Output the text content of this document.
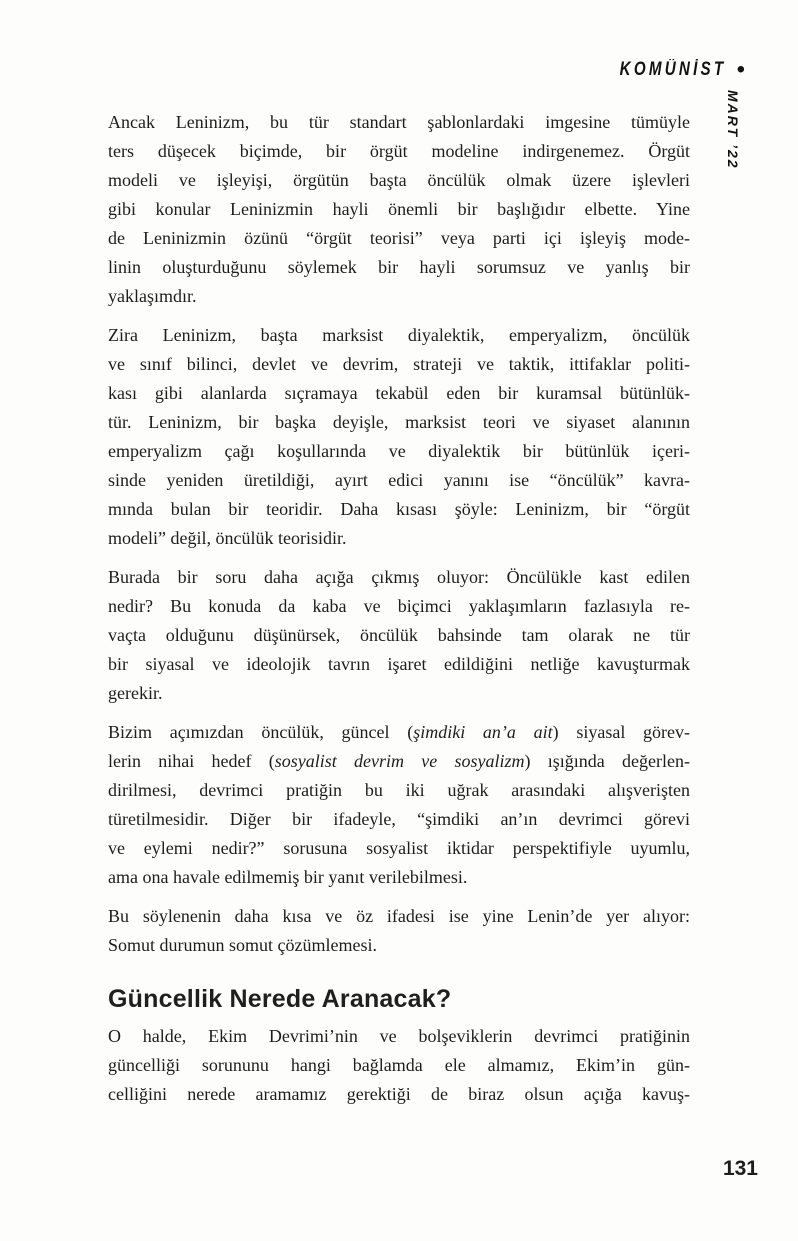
KOMÜNİST •
MART ’22
Ancak Leninizm, bu tür standart şablonlardaki imgesine tümüyle
ters düşecek biçimde, bir örgüt modeline indirgenemez. Örgüt
modeli ve işleyişi, örgütün başta öncülük olmak üzere işlevleri
gibi konular Leninizmin hayli önemli bir başlığıdır elbette. Yine
de Leninizmin özünü “örgüt teorisi” veya parti içi işleyiş mode-
linin oluşturduğunu söylemek bir hayli sorumsuz ve yanlış bir
yaklaşımdır.
Zira Leninizm, başta marksist diyalektik, emperyalizm, öncülük
ve sınıf bilinci, devlet ve devrim, strateji ve taktik, ittifaklar politi-
kası gibi alanlarda sıçramaya tekabül eden bir kuramsal bütünlük-
tür. Leninizm, bir başka deyişle, marksist teori ve siyaset alanının
emperyalizm çağı koşullarında ve diyalektik bir bütünlük içeri-
sinde yeniden üretildiği, ayırt edici yanını ise “öncülük” kavra-
mında bulan bir teoridir. Daha kısası şöyle: Leninizm, bir “örgüt
modeli” değil, öncülük teorisidir.
Burada bir soru daha açığa çıkmış oluyor: Öncülükle kast edilen
nedir? Bu konuda da kaba ve biçimci yaklaşımların fazlasıyla re-
vaçta olduğunu düşünürsek, öncülük bahsinde tam olarak ne tür
bir siyasal ve ideolojik tavrın işaret edildiğini netliğe kavuşturmak
gerekir.
Bizim açımızdan öncülük, güncel (şimdiki an’a ait) siyasal görev-
lerin nihai hedef (sosyalist devrim ve sosyalizm) ışığında değerlen-
dirilmesi, devrimci pratiğin bu iki uğrak arasındaki alışverişten
türetilmesidir. Diğer bir ifadeyle, “şimdiki an’ın devrimci görevi
ve eylemi nedir?” sorusuna sosyalist iktidar perspektifiyle uyumlu,
ama ona havale edilmemiş bir yanıt verilebilmesi.
Bu söylenenin daha kısa ve öz ifadesi ise yine Lenin’de yer alıyor:
Somut durumun somut çözümlemesi.
Güncellik Nerede Aranacak?
O halde, Ekim Devrimi’nin ve bolşeviklerin devrimci pratiğinin
güncelliği sorununu hangi bağlamda ele almamız, Ekim’in gün-
celliğini nerede aramamız gerektiği de biraz olsun açığa kavuş-
131
